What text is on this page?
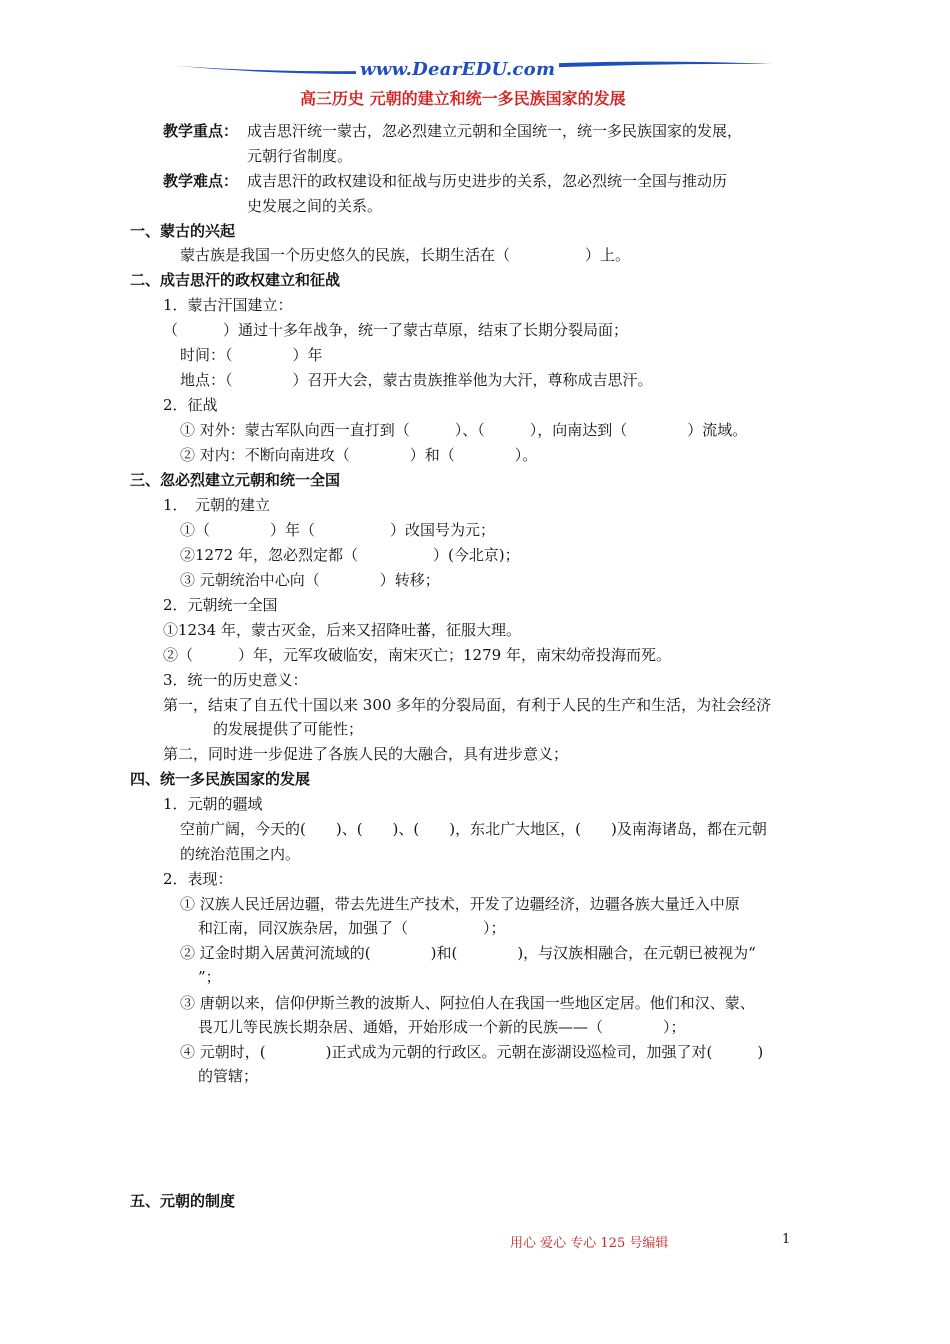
www.DearEDU.com
高三历史 元朝的建立和统一多民族国家的发展
教学重点： 成吉思汗统一蒙古，忽必烈建立元朝和全国统一，统一多民族国家的发展，
元朝行省制度。
教学难点： 成吉思汗的政权建设和征战与历史进步的关系，忽必烈统一全国与推动历
史发展之间的关系。
一、蒙古的兴起
蒙古族是我国一个历史悠久的民族，长期生活在（　　　　　）上。
二、成吉思汗的政权建立和征战
1．蒙古汗国建立：
（　　　）通过十多年战争，统一了蒙古草原，结束了长期分裂局面；
时间：（　　　　）年
地点：（　　　　）召开大会，蒙古贵族推举他为大汗，尊称成吉思汗。
2．征战
① 对外：蒙古军队向西一直打到（　　　）、（　　　），向南达到（　　　　）流域。
② 对内：不断向南进攻（　　　　）和（　　　　）。
三、忽必烈建立元朝和统一全国
1．　元朝的建立
①（　　　　）年（　　　　　）改国号为元；
②1272 年，忽必烈定都（　　　　　）(今北京)；
③ 元朝统治中心向（　　　　）转移；
2．元朝统一全国
①1234 年，蒙古灭金，后来又招降吐蕃，征服大理。
②（　　　）年，元军攻破临安，南宋灭亡；1279 年，南宋幼帝投海而死。
3．统一的历史意义：
第一，结束了自五代十国以来 300 多年的分裂局面，有利于人民的生产和生活，为社会经济
的发展提供了可能性；
第二，同时进一步促进了各族人民的大融合，具有进步意义；
四、统一多民族国家的发展
1．元朝的疆域
空前广阔，今天的(　　)、(　　)、(　　)，东北广大地区，(　　)及南海诸岛，都在元朝
的统治范围之内。
2．表现：
① 汉族人民迁居边疆，带去先进生产技术，开发了边疆经济，边疆各族大量迁入中原
和江南，同汉族杂居，加强了（　　　　　）；
② 辽金时期入居黄河流域的(　　　　)和(　　　　)，与汉族相融合，在元朝已被视为“
”；
③ 唐朝以来，信仰伊斯兰教的波斯人、阿拉伯人在我国一些地区定居。他们和汉、蒙、
畏兀儿等民族长期杂居、通婚，开始形成一个新的民族——（　　　　）；
④ 元朝时，(　　　　)正式成为元朝的行政区。元朝在澎湖设巡检司，加强了对(　　　)
的管辖；
五、元朝的制度
用心 爱心 专心 125 号编辑	1
